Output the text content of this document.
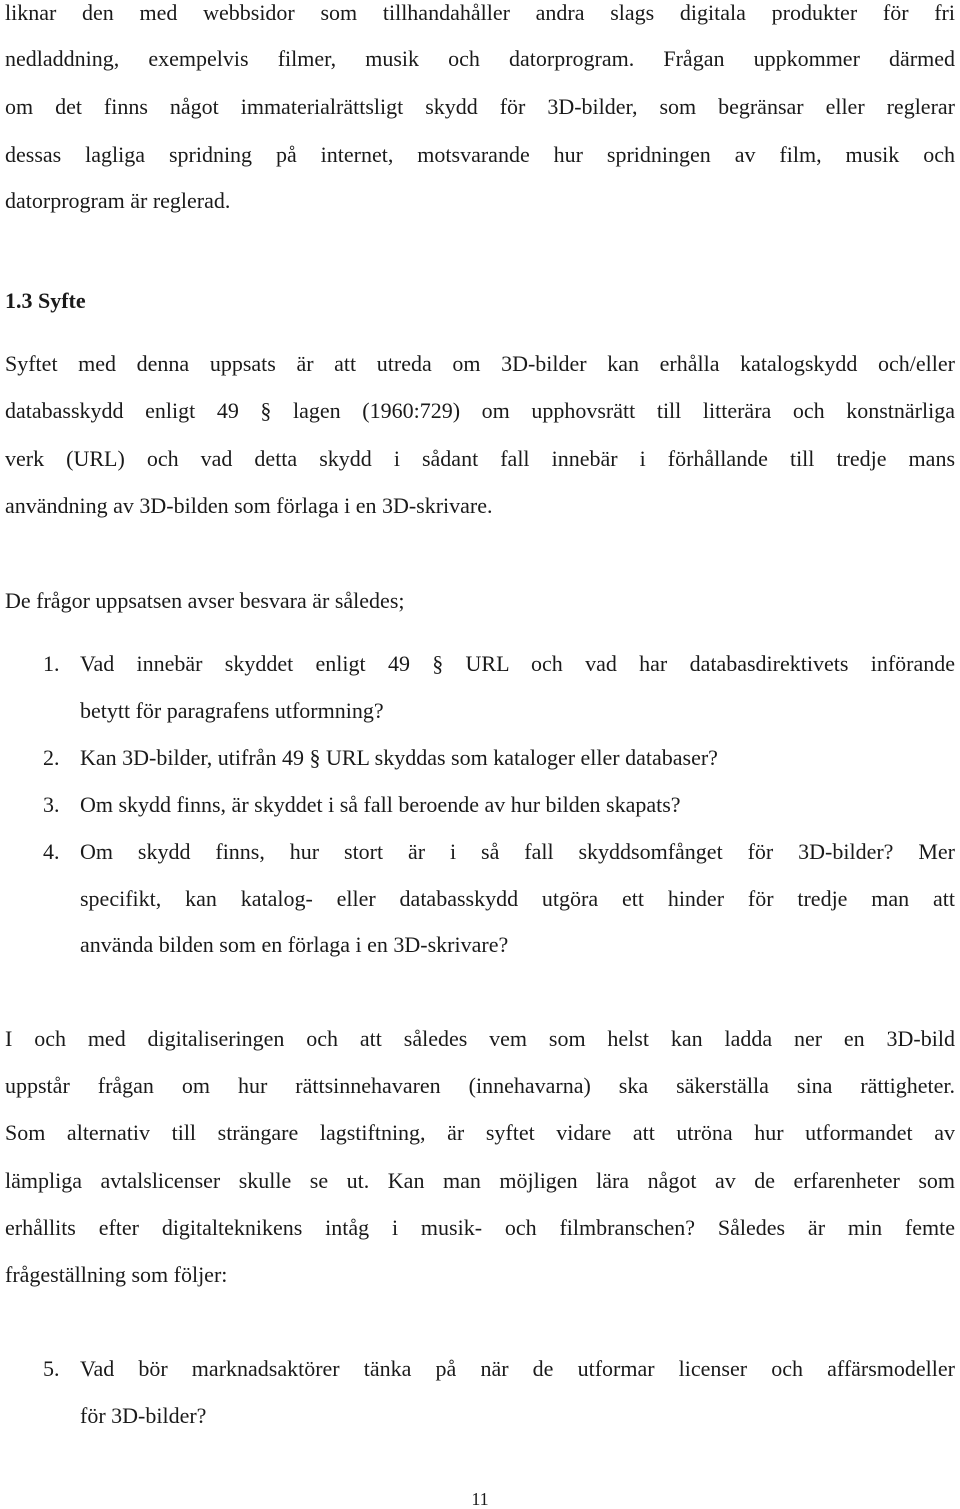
liknar den med webbsidor som tillhandahåller andra slags digitala produkter för fri
nedladdning, exempelvis filmer, musik och datorprogram. Frågan uppkommer därmed
om det finns något immaterialrättsligt skydd för 3D-bilder, som begränsar eller reglerar
dessas lagliga spridning på internet, motsvarande hur spridningen av film, musik och
datorprogram är reglerad.
1.3 Syfte
Syftet med denna uppsats är att utreda om 3D-bilder kan erhålla katalogskydd och/eller
databasskydd enligt 49 § lagen (1960:729) om upphovsrätt till litterära och konstnärliga
verk (URL) och vad detta skydd i sådant fall innebär i förhållande till tredje mans
användning av 3D-bilden som förlaga i en 3D-skrivare.
De frågor uppsatsen avser besvara är således;
1. Vad innebär skyddet enligt 49 § URL och vad har databasdirektivets införande
betytt för paragrafens utformning?
2. Kan 3D-bilder, utifrån 49 § URL skyddas som kataloger eller databaser?
3. Om skydd finns, är skyddet i så fall beroende av hur bilden skapats?
4. Om skydd finns, hur stort är i så fall skyddsomfånget för 3D-bilder? Mer
specifikt, kan katalog- eller databasskydd utgöra ett hinder för tredje man att
använda bilden som en förlaga i en 3D-skrivare?
I och med digitaliseringen och att således vem som helst kan ladda ner en 3D-bild
uppstår frågan om hur rättsinnehavaren (innehavarna) ska säkerställa sina rättigheter.
Som alternativ till strängare lagstiftning, är syftet vidare att utröna hur utformandet av
lämpliga avtalslicenser skulle se ut. Kan man möjligen lära något av de erfarenheter som
erhållits efter digitalteknikens intåg i musik- och filmbranschen? Således är min femte
frågeställning som följer:
5. Vad bör marknadsaktörer tänka på när de utformar licenser och affärsmodeller
för 3D-bilder?
11
